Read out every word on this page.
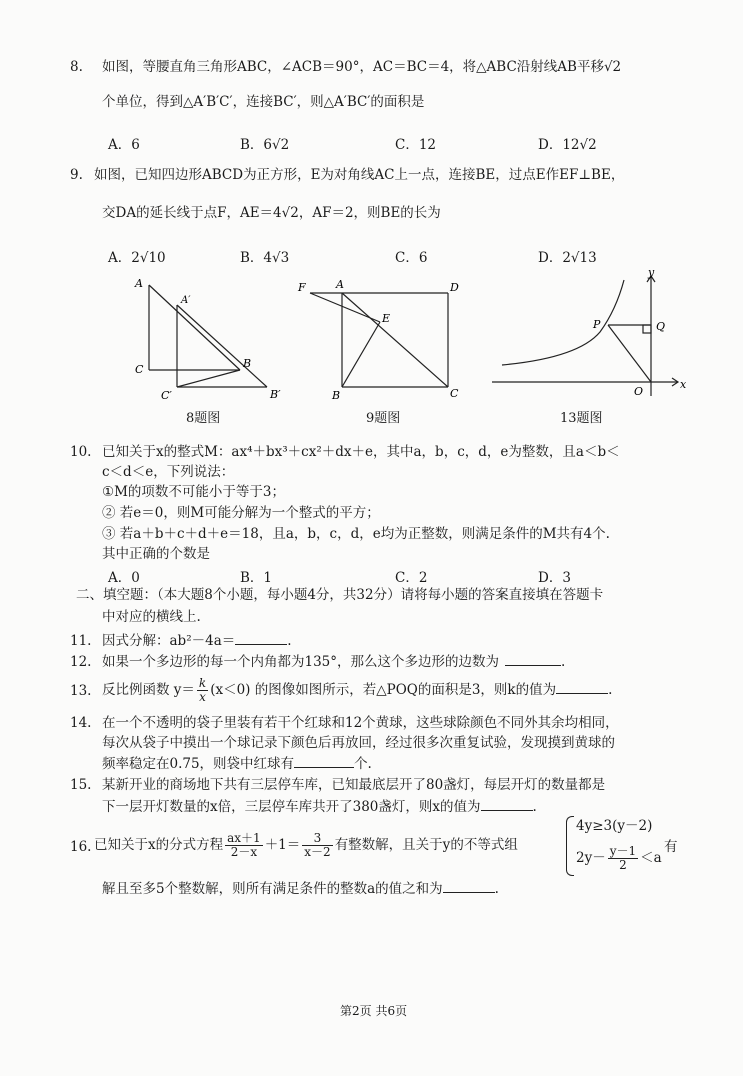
8. 如图，等腰直角三角形ABC，∠ACB＝90°，AC＝BC＝4，将△ABC沿射线AB平移√2
个单位，得到△A′B′C′，连接BC′，则△A′BC′的面积是
A．6	B．6√2	C．12	D．12√2
9. 如图，已知四边形ABCD为正方形，E为对角线AC上一点，连接BE，过点E作EF⊥BE，
交DA的延长线于点F，AE＝4√2，AF＝2，则BE的长为
A．2√10	B．4√3	C．6	D．2√13
A
A′
B
C
C′	B′
8题图
F	A	D
E
B	C
9题图
y
P	Q
O
x
13题图
10. 已知关于x的整式M：ax⁴＋bx³＋cx²＋dx＋e，其中a，b，c，d，e为整数，且a＜b＜
c＜d＜e，下列说法：
①M的项数不可能小于等于3；
② 若e＝0，则M可能分解为一个整式的平方；
③ 若a＋b＋c＋d＋e＝18，且a，b，c，d，e均为正整数，则满足条件的M共有4个.
其中正确的个数是
A．0	B．1	C．2	D．3
二、填空题：（本大题8个小题，每小题4分，共32分）请将每小题的答案直接填在答题卡
中对应的横线上.
11. 因式分解：ab²－4a＝	.
12. 如果一个多边形的每一个内角都为135°，那么这个多边形的边数为	.
13. 反比例函数 $y= \frac{k}{x} (x<0)$ 的图像如图所示，若△POQ的面积是3，则k的值为	.
14. 在一个不透明的袋子里装有若干个红球和12个黄球，这些球除颜色不同外其余均相同，
每次从袋子中摸出一个球记录下颜色后再放回，经过很多次重复试验，发现摸到黄球的
频率稳定在0.75，则袋中红球有	个.
15. 某新开业的商场地下共有三层停车库，已知最底层开了80盏灯，每层开灯的数量都是
下一层开灯数量的x倍，三层停车库共开了380盏灯，则x的值为	.
16. 已知关于x的分式方程 $\frac{ax+1}{2-x} +1= \frac{3}{x-2}$ 有整数解，且关于y的不等式组
4y≥3(y－2)
$2y- \frac{y-1}{2} <a$
有
解且至多5个整数解，则所有满足条件的整数a的值之和为	.
第2页 共6页
